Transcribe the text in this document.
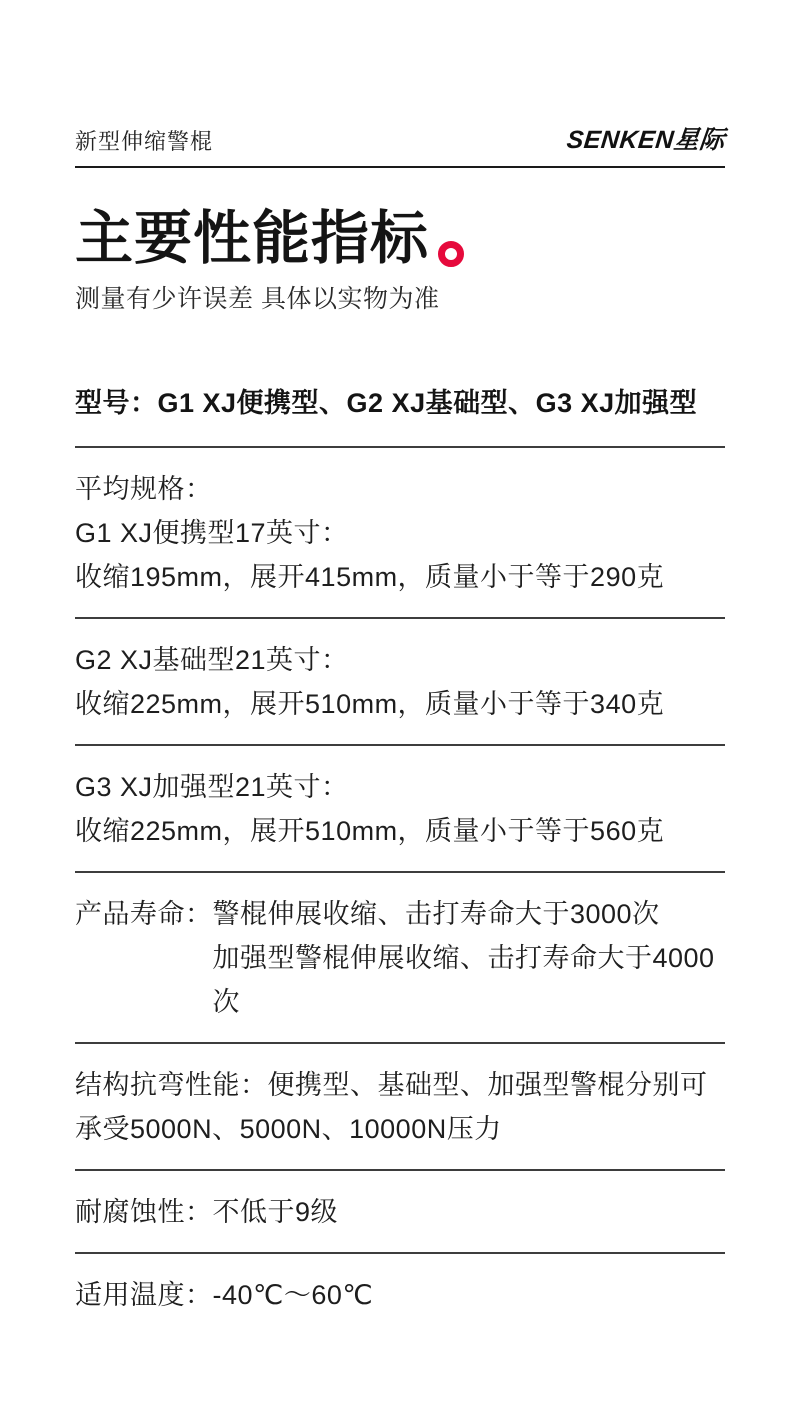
新型伸缩警棍	SENKEN星际
主要性能指标
测量有少许误差 具体以实物为准
型号：G1 XJ便携型、G2 XJ基础型、G3 XJ加强型
平均规格：
G1 XJ便携型17英寸：
收缩195mm，展开415mm，质量小于等于290克
G2 XJ基础型21英寸：
收缩225mm，展开510mm，质量小于等于340克
G3 XJ加强型21英寸：
收缩225mm，展开510mm，质量小于等于560克
产品寿命： 警棍伸展收缩、击打寿命大于3000次
加强型警棍伸展收缩、击打寿命大于4000次
结构抗弯性能：便携型、基础型、加强型警棍分别可承受5000N、5000N、10000N压力
耐腐蚀性：不低于9级
适用温度：-40℃～60℃
